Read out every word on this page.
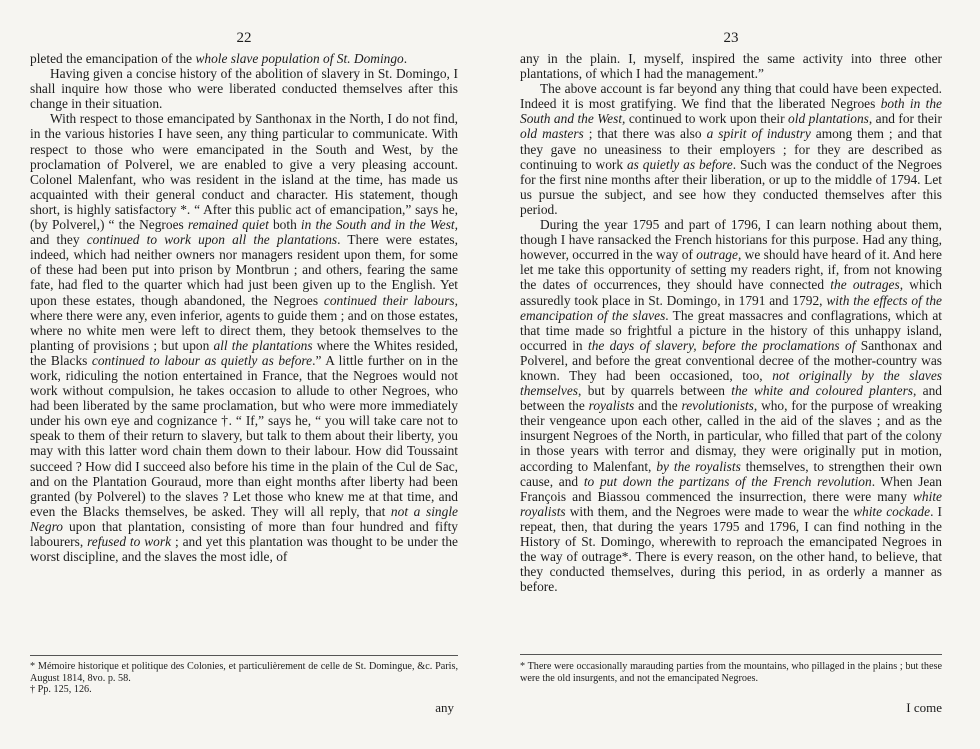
22

pleted the emancipation of the whole slave population of St. Domingo.

Having given a concise history of the abolition of slavery in St. Domingo, I shall inquire how those who were liberated conducted themselves after this change in their situation.

With respect to those emancipated by Santhonax in the North, I do not find, in the various histories I have seen, any thing particular to communicate. With respect to those who were emancipated in the South and West, by the proclamation of Polverel, we are enabled to give a very pleasing account. Colonel Malenfant, who was resident in the island at the time, has made us acquainted with their general conduct and character. His statement, though short, is highly satisfactory *. “ After this public act of emancipation,” says he, (by Polverel,) “ the Negroes remained quiet both in the South and in the West, and they continued to work upon all the plantations. There were estates, indeed, which had neither owners nor managers resident upon them, for some of these had been put into prison by Montbrun ; and others, fearing the same fate, had fled to the quarter which had just been given up to the English. Yet upon these estates, though abandoned, the Negroes continued their labours, where there were any, even inferior, agents to guide them ; and on those estates, where no white men were left to direct them, they betook themselves to the planting of provisions ; but upon all the plantations where the Whites resided, the Blacks continued to labour as quietly as before.” A little further on in the work, ridiculing the notion entertained in France, that the Negroes would not work without compulsion, he takes occasion to allude to other Negroes, who had been liberated by the same proclamation, but who were more immediately under his own eye and cognizance †. “ If,” says he, “ you will take care not to speak to them of their return to slavery, but talk to them about their liberty, you may with this latter word chain them down to their labour. How did Toussaint succeed ? How did I succeed also before his time in the plain of the Cul de Sac, and on the Plantation Gouraud, more than eight months after liberty had been granted (by Polverel) to the slaves ? Let those who knew me at that time, and even the Blacks themselves, be asked. They will all reply, that not a single Negro upon that plantation, consisting of more than four hundred and fifty labourers, refused to work ; and yet this plantation was thought to be under the worst discipline, and the slaves the most idle, of

* Mémoire historique et politique des Colonies, et particulièrement de celle de St. Domingue, &c. Paris, August 1814, 8vo. p. 58.

† Pp. 125, 126.

any
23

any in the plain. I, myself, inspired the same activity into three other plantations, of which I had the management.”

The above account is far beyond any thing that could have been expected. Indeed it is most gratifying. We find that the liberated Negroes both in the South and the West, continued to work upon their old plantations, and for their old masters ; that there was also a spirit of industry among them ; and that they gave no uneasiness to their employers ; for they are described as continuing to work as quietly as before. Such was the conduct of the Negroes for the first nine months after their liberation, or up to the middle of 1794. Let us pursue the subject, and see how they conducted themselves after this period.

During the year 1795 and part of 1796, I can learn nothing about them, though I have ransacked the French historians for this purpose. Had any thing, however, occurred in the way of outrage, we should have heard of it. And here let me take this opportunity of setting my readers right, if, from not knowing the dates of occurrences, they should have connected the outrages, which assuredly took place in St. Domingo, in 1791 and 1792, with the effects of the emancipation of the slaves. The great massacres and conflagrations, which at that time made so frightful a picture in the history of this unhappy island, occurred in the days of slavery, before the proclamations of Santhonax and Polverel, and before the great conventional decree of the mother-country was known. They had been occasioned, too, not originally by the slaves themselves, but by quarrels between the white and coloured planters, and between the royalists and the revolutionists, who, for the purpose of wreaking their vengeance upon each other, called in the aid of the slaves ; and as the insurgent Negroes of the North, in particular, who filled that part of the colony in those years with terror and dismay, they were originally put in motion, according to Malenfant, by the royalists themselves, to strengthen their own cause, and to put down the partizans of the French revolution. When Jean François and Biassou commenced the insurrection, there were many white royalists with them, and the Negroes were made to wear the white cockade. I repeat, then, that during the years 1795 and 1796, I can find nothing in the History of St. Domingo, wherewith to reproach the emancipated Negroes in the way of outrage*. There is every reason, on the other hand, to believe, that they conducted themselves, during this period, in as orderly a manner as before.

* There were occasionally marauding parties from the mountains, who pillaged in the plains ; but these were the old insurgents, and not the emancipated Negroes.

I come
